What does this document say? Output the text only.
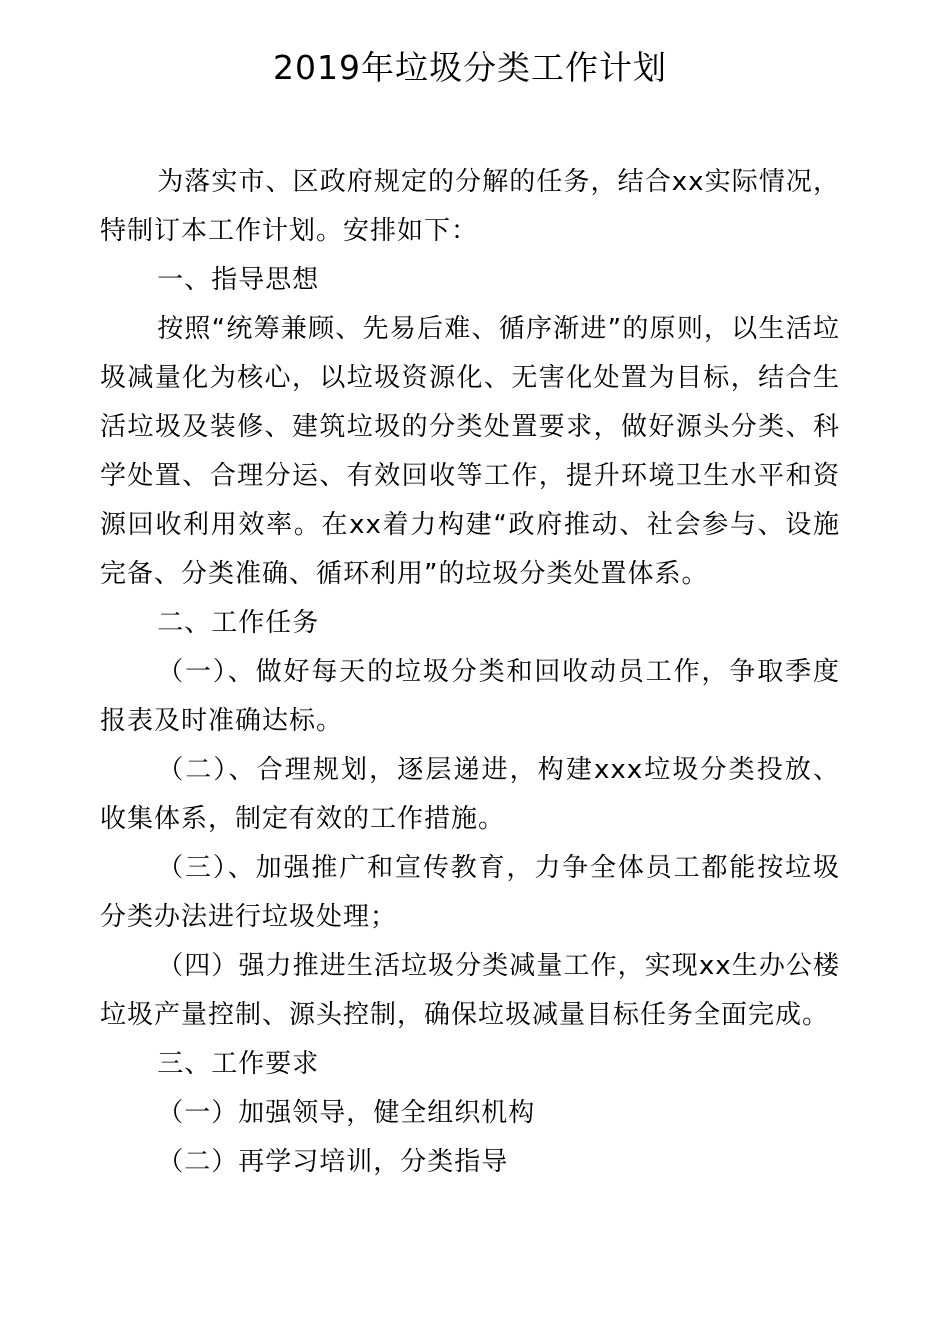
2019年垃圾分类工作计划

为落实市、区政府规定的分解的任务，结合xx实际情况，特制订本工作计划。安排如下：

一、指导思想

按照“统筹兼顾、先易后难、循序渐进”的原则，以生活垃圾减量化为核心，以垃圾资源化、无害化处置为目标，结合生活垃圾及装修、建筑垃圾的分类处置要求，做好源头分类、科学处置、合理分运、有效回收等工作，提升环境卫生水平和资源回收利用效率。在xx着力构建“政府推动、社会参与、设施完备、分类准确、循环利用”的垃圾分类处置体系。

二、工作任务

（一）、做好每天的垃圾分类和回收动员工作，争取季度报表及时准确达标。

（二）、合理规划，逐层递进，构建xxx垃圾分类投放、收集体系，制定有效的工作措施。

（三）、加强推广和宣传教育，力争全体员工都能按垃圾分类办法进行垃圾处理；

（四）强力推进生活垃圾分类减量工作，实现xx生办公楼垃圾产量控制、源头控制，确保垃圾减量目标任务全面完成。

三、工作要求

（一）加强领导，健全组织机构

（二）再学习培训，分类指导
